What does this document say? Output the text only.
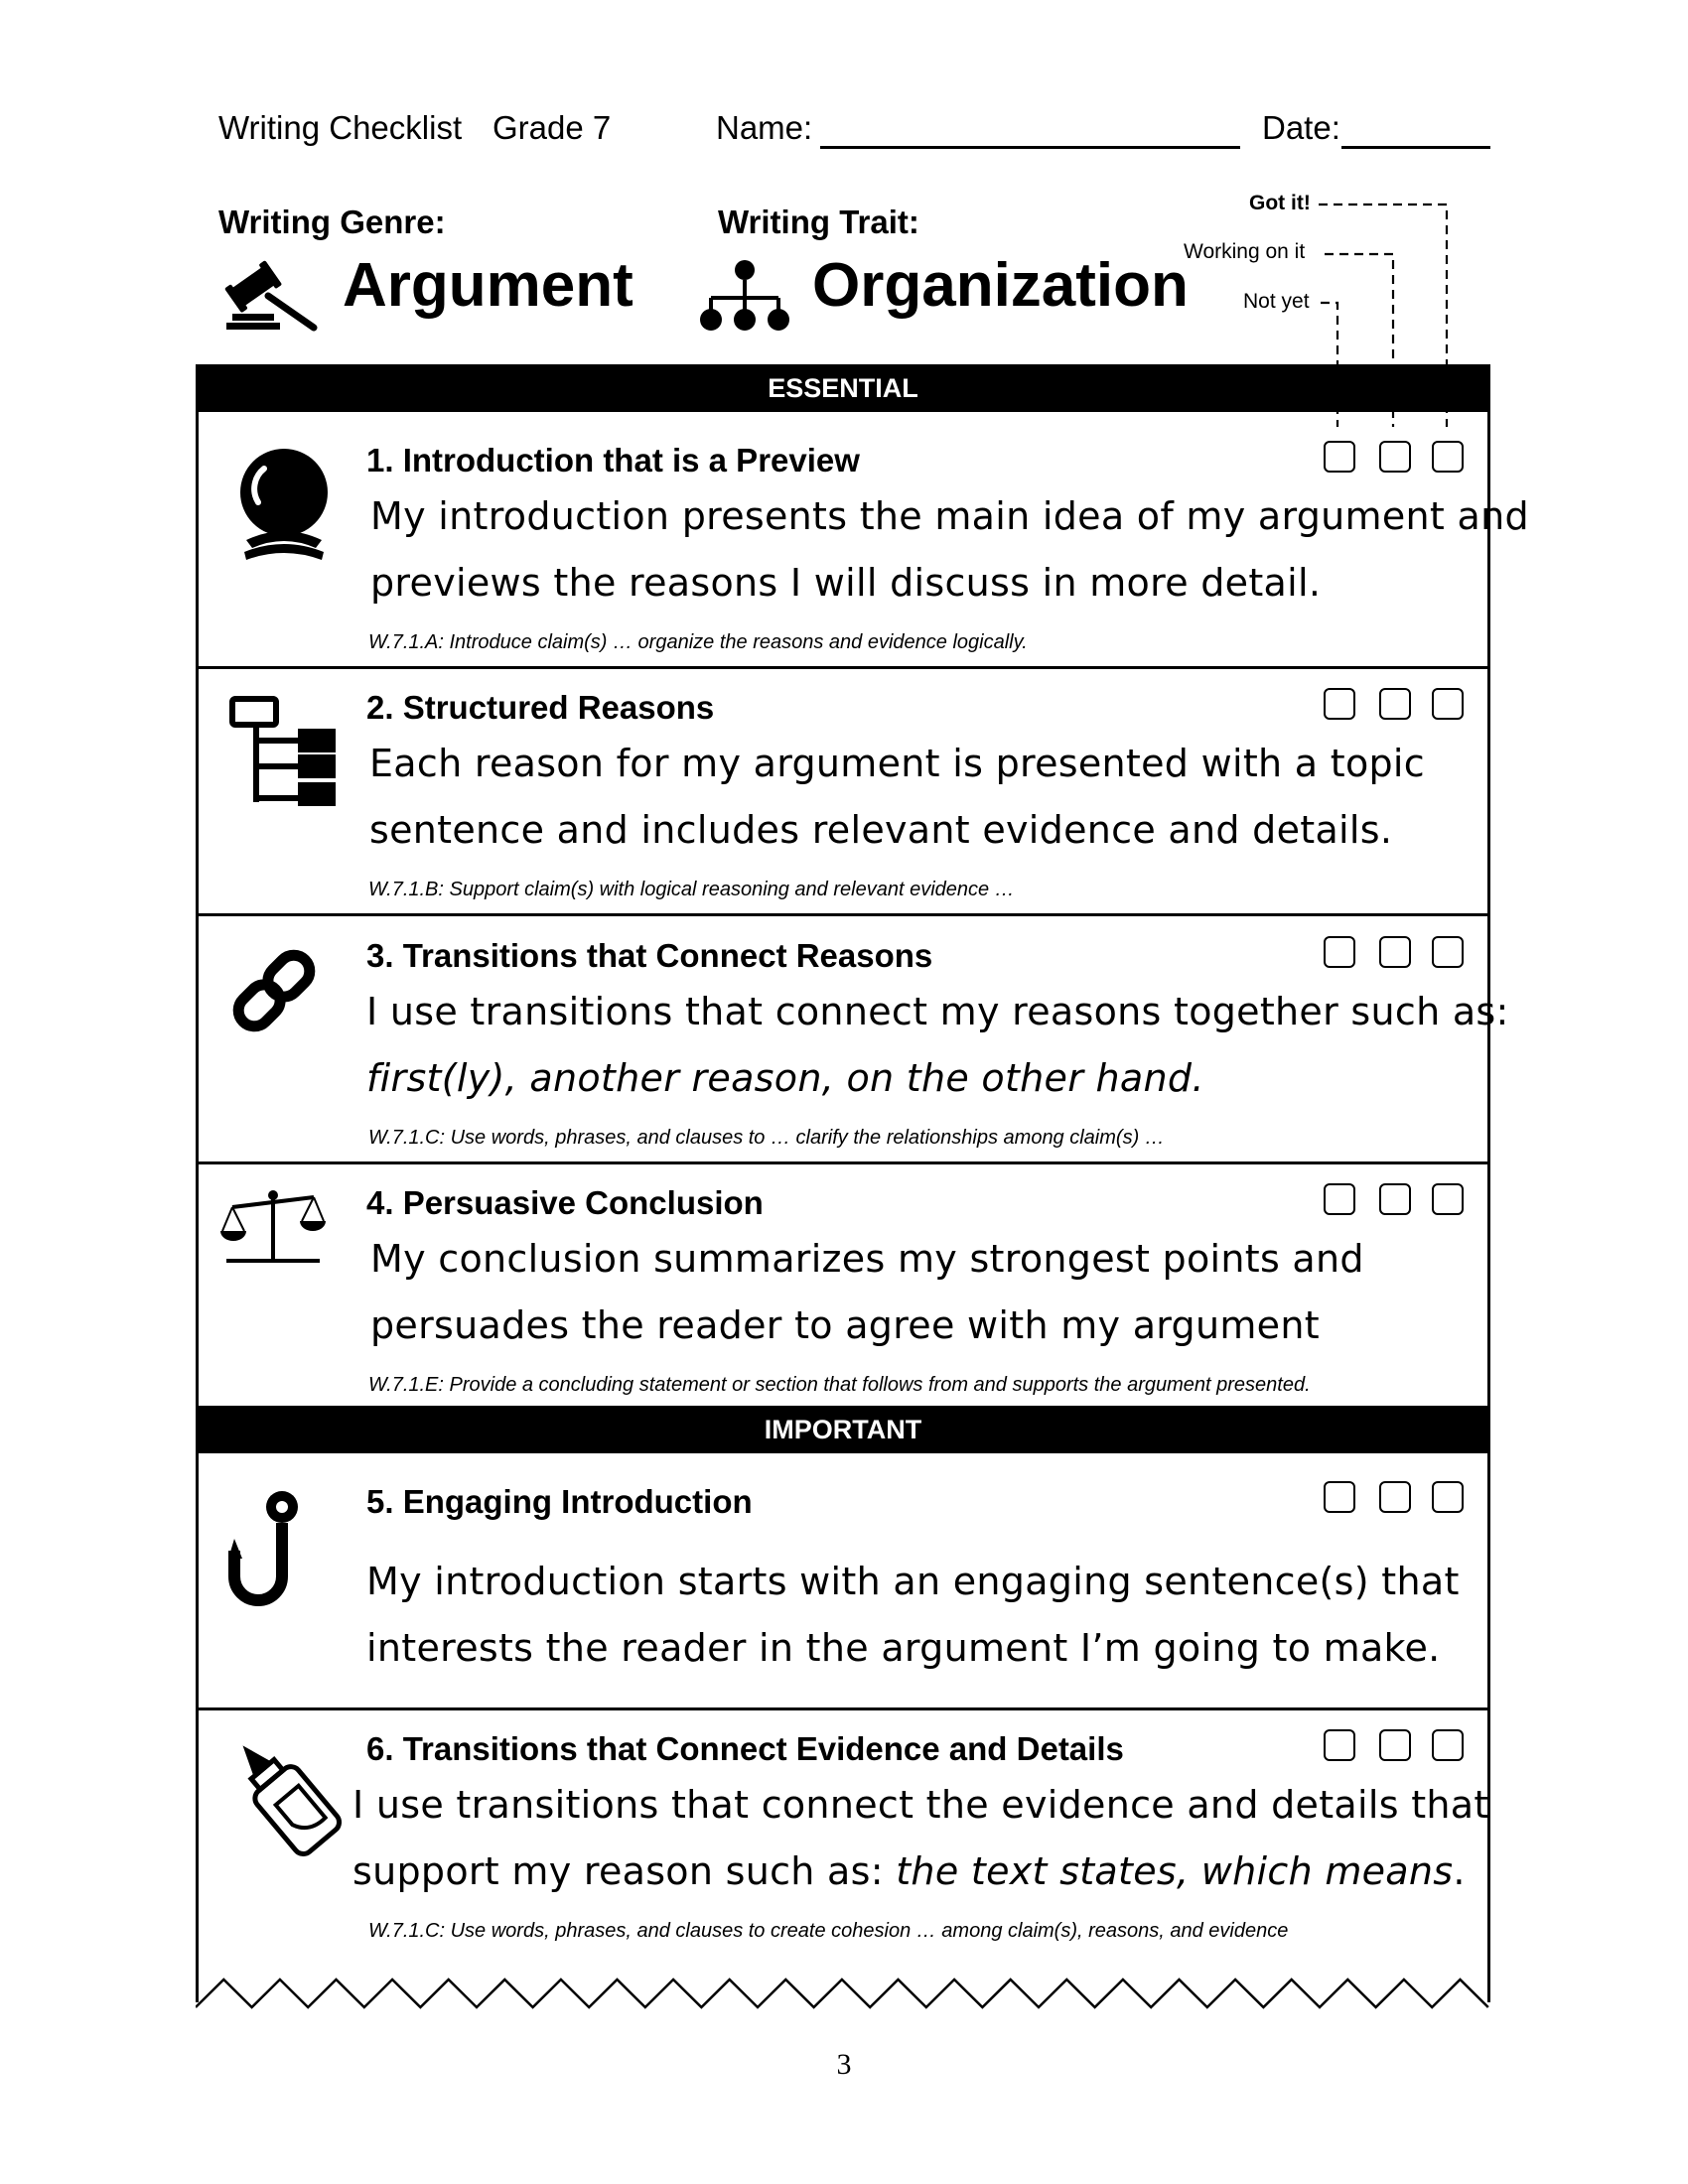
Writing Checklist Grade 7	Name:	Date:
Writing Genre:	Writing Trait:
Argument	Organization
Got it!
Working on it
Not yet
ESSENTIAL
IMPORTANT
1. Introduction that is a Preview
My introduction presents the main idea of my argument and
previews the reasons I will discuss in more detail.
W.7.1.A: Introduce claim(s) … organize the reasons and evidence logically.
2. Structured Reasons
Each reason for my argument is presented with a topic
sentence and includes relevant evidence and details.
W.7.1.B: Support claim(s) with logical reasoning and relevant evidence …
3. Transitions that Connect Reasons
I use transitions that connect my reasons together such as:
first(ly), another reason, on the other hand.
W.7.1.C: Use words, phrases, and clauses to … clarify the relationships among claim(s) …
4. Persuasive Conclusion
My conclusion summarizes my strongest points and
persuades the reader to agree with my argument
W.7.1.E: Provide a concluding statement or section that follows from and supports the argument presented.
5. Engaging Introduction
My introduction starts with an engaging sentence(s) that
interests the reader in the argument I’m going to make.
6. Transitions that Connect Evidence and Details
I use transitions that connect the evidence and details that
support my reason such as: the text states, which means.
W.7.1.C: Use words, phrases, and clauses to create cohesion … among claim(s), reasons, and evidence
3
